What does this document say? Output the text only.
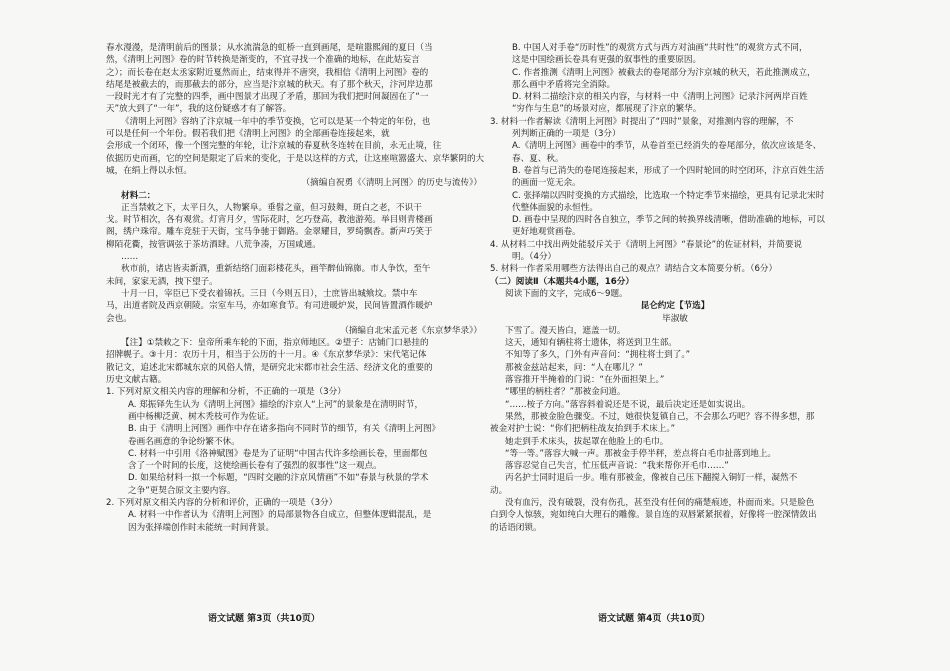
春水漫漫，是清明前后的图景；从水流湍急的虹桥一直到画尾，是喧嚣熙闹的夏日（当
然，《清明上河图》卷的时节转换是渐变的，不宜寻找一个准确的地标，在此姑妄言
之）；而长卷在赵太丞家附近戛然而止，结束得并不唐突，我相信《清明上河图》卷的
结尾是被截去的，而那截去的部分，应当是汴京城的秋天。有了那个秋天，汴河岸边那
一段时光才有了完整的四季，画中图景才出现了矛盾，那回为我们把时间凝固在了“一
天”放大到了“一年”，我的这份疑惑才有了解答。
《清明上河图》容纳了汴京城一年中的季节变换，它可以是某一个特定的年份，也
可以是任何一个年份。假若我们把《清明上河图》的全部画卷连接起来，就
会形成一个闭环，像一个图完整的年轮，让汴京城的春夏秋冬连转在目前，永无止境，往
依据历史而画，它的空间是限定了后来的变化，于是以这样的方式，让这座喧嚣盛大、京华繁阴的大
城，在绢上得以永恒。
（摘编自祝勇《〈清明上河图〉的历史与流传》）
材料二：
正当禁敕之下，太平日久，人物繁阜。垂髫之童，但习鼓舞，斑白之老，不识干
戈。时节相次，各有观赏。灯宵月夕，雪际花时，乞巧登高，教池游苑。举目则青楼画
阁，绣户珠帘。雕车竞驻于天街，宝马争驰于御路。金翠耀目，罗绮飘香。新声巧笑于
柳陌花衢，按管调弦于茶坊酒肆。八荒争凑，万国咸通。
……
秋市前，诸店皆卖新酒，重新结络门面彩楼花头，画竿醉仙锦旆。市人争饮，至午
未间，家家无酒，拽下望子。
十月一日，宰臣已下受衣着锦袄。三日（今则五日），士庶皆出城飨坟。禁中车
马，出道者院及西京朝陵。宗室车马，亦如寒食节。有司进暖炉炭，民间皆置酒作暖炉
会也。
（摘编自北宋孟元老《东京梦华录》）
【注】①禁敕之下：皇帝所乘车轮的下面，指京师地区。②望子：店铺门口悬挂的
招牌幌子。③十月：农历十月，相当于公历的十一月。④《东京梦华录》：宋代笔记体
散记文，追述北宋都城东京的风俗人情，是研究北宋都市社会生活、经济文化的重要的
历史文献古籍。
1. 下列对原文相关内容的理解和分析，不正确的一项是（3分）
A. 郑振铎先生认为《清明上河图》描绘的汴京人“上河”的景象是在清明时节，
画中杨柳泛黄、树木秃枝可作为佐证。
B. 由于《清明上河图》画作中存在诸多指向不同时节的细节，有关《清明上河图》
卷画名画意的争论纷繁不休。
C. 材料一中引用《洛神赋图》卷是为了证明“中国古代许多绘画长卷，里面都包
含了一个时间的长度，这使绘画长卷有了强烈的叙事性”这一观点。
D. 如果给材料一拟一个标题，“四时交融的汴京风情画”不如“春景与秋景的学术
之争”更契合原文主要内容。
2. 下列对原文相关内容的分析和评价，正确的一项是（3分）
A. 材料一中作者认为《清明上河图》的局部景物各自成立，但整体逻辑混乱，是
因为张择端创作时未能统一时间背景。
B. 中国人对手卷“历时性”的观赏方式与西方对油画“共时性”的观赏方式不同，
这是中国绘画长卷具有更强的叙事性的重要原因。
C. 作者推测《清明上河图》被截去的卷尾部分为汴京城的秋天，若此推测成立，
那么画中矛盾将完全消除。
D. 材料二描绘汴京的相关内容，与材料一中《清明上河图》记录汴河两岸百姓
“穷作与生息”的场景对应，都展现了汴京的繁华。
3. 材料一作者解读《清明上河图》时提出了“四时”景象，对推测内容的理解，不
列判断正确的一项是（3分）
A.《清明上河图》画卷中的季节，从卷首至已经消失的卷尾部分，依次应该是冬、
春、夏、秋。
B. 卷首与已消失的卷尾连接起来，形成了一个四时轮回的时空闭环，汴京百姓生活
的画面一览无余。
C. 张择端以四时变换的方式描绘，比选取一个特定季节来描绘，更具有记录北宋时
代整体面貌的永恒性。
D. 画卷中呈现的四时各自独立，季节之间的转换界线清晰，借助准确的地标，可以
更好地观赏画卷。
4. 从材料二中找出两处能驳斥关于《清明上河图》“春景论”的佐证材料，并简要说
明。（4分）
5. 材料一作者采用哪些方法得出自己的观点？请结合文本简要分析。（6分）
（二）阅读Ⅱ（本题共4小题，16分）
阅读下面的文字，完成6～9题。
昆仑约定【节选】
毕淑敏
下雪了。漫天皆白，遮盖一切。
这天，通知有辆柱将士遗体，将送到卫生部。
不知等了多久，门外有声音问：“拥柱将士到了。”
那被金兹站起来，问：“人在哪儿？”
落容推开半掩着的门说：“在外面担架上。”
“哪里的柄柱者？”那被金问道。
“……桉子方向。”落容斜着说还是不说，最后决定还是如实说出。
果然，那被金脸色骤变。不过，她很快复镇自己，不会那么巧吧？容不得多想，那
被金对护士说：“你们把柄柱战友抬到手术床上。”
她走到手术床头，拔起罩在他脸上的毛巾。
“等一等。”落容大喊一声。那被金手停半秤，差点将白毛巾扯落到地上。
落容忍觉自己失言，忙压低声音说：“我来帮你开毛巾……”
丙名护士同时退后一步。唯有那被金，像被自己压下翻搅入铜钉一样，凝然不
动。
没有血污，没有破裂，没有伤孔，甚至没有任何的痛楚痕迹，朴面而来。只是脸色
白到令人惊骇，宛如纯白大理石的雕像。景自连的双唇紧紧抿着，好像将一腔深情敛出
的话语闭锁。
语文试题 第3页（共10页）	语文试题 第4页（共10页）
